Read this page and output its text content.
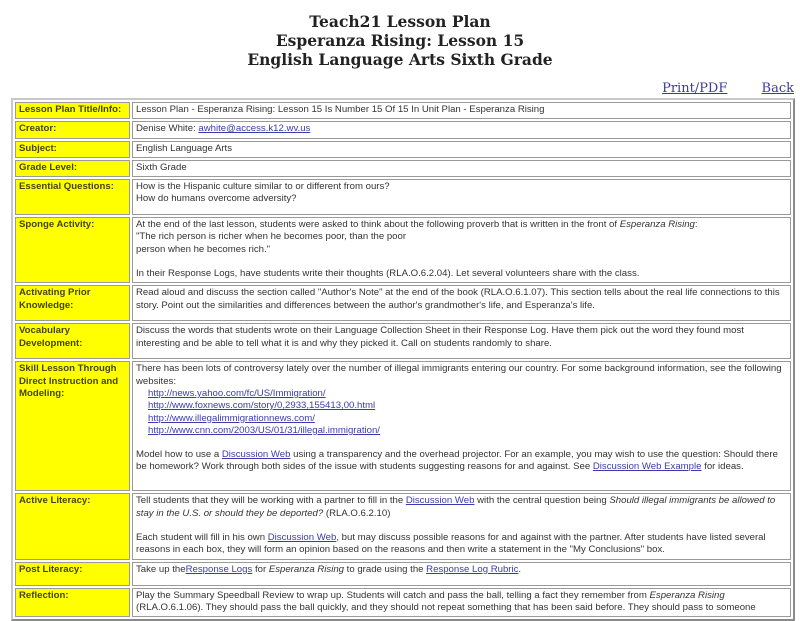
Teach21 Lesson Plan
Esperanza Rising: Lesson 15
English Language Arts Sixth Grade
Print/PDF	Back
Lesson Plan Title/Info:	Lesson Plan - Esperanza Rising: Lesson 15 Is Number 15 Of 15 In Unit Plan - Esperanza Rising
Creator:	Denise White: awhite@access.k12.wv.us
Subject:	English Language Arts
Grade Level:	Sixth Grade
Essential Questions:	How is the Hispanic culture similar to or different from ours?
How do humans overcome adversity?

Sponge Activity:	At the end of the last lesson, students were asked to think about the following proverb that is written in the front of Esperanza Rising:
"The rich person is richer when he becomes poor, than the poor
person when he becomes rich."
In their Response Logs, have students write their thoughts (RLA.O.6.2.04). Let several volunteers share with the class.

Activating Prior Knowledge:	Read aloud and discuss the section called "Author's Note" at the end of the book (RLA.O.6.1.07). This section tells about the real life connections to this story. Point out the similarities and differences between the author's grandmother's life, and Esperanza's life.
Vocabulary Development:	Discuss the words that students wrote on their Language Collection Sheet in their Response Log. Have them pick out the word they found most interesting and be able to tell what it is and why they picked it. Call on students randomly to share.
Skill Lesson Through Direct Instruction and Modeling:	
There has been lots of controversy lately over the number of illegal immigrants entering our country. For some background information, see the following websites:
http://news.yahoo.com/fc/US/Immigration/
http://www.foxnews.com/story/0,2933,155413,00.html
http://www.illegalimmigrationnews.com/
http://www.cnn.com/2003/US/01/31/illegal.immigration/
Model how to use a Discussion Web using a transparency and the overhead projector. For an example, you may wish to use the question: Should there be homework? Work through both sides of the issue with students suggesting reasons for and against. See Discussion Web Example for ideas.

Active Literacy:	Tell students that they will be working with a partner to fill in the Discussion Web with the central question being Should illegal immigrants be allowed to stay in the U.S. or should they be deported? (RLA.O.6.2.10)
Each student will fill in his own Discussion Web, but may discuss possible reasons for and against with the partner. After students have listed several reasons in each box, they will form an opinion based on the reasons and then write a statement in the "My Conclusions" box.

Post Literacy:	Take up theResponse Logs for Esperanza Rising to grade using the Response Log Rubric.
Reflection:	Play the Summary Speedball Review to wrap up. Students will catch and pass the ball, telling a fact they remember from Esperanza Rising (RLA.O.6.1.06). They should pass the ball quickly, and they should not repeat something that has been said before. They should pass to someone
